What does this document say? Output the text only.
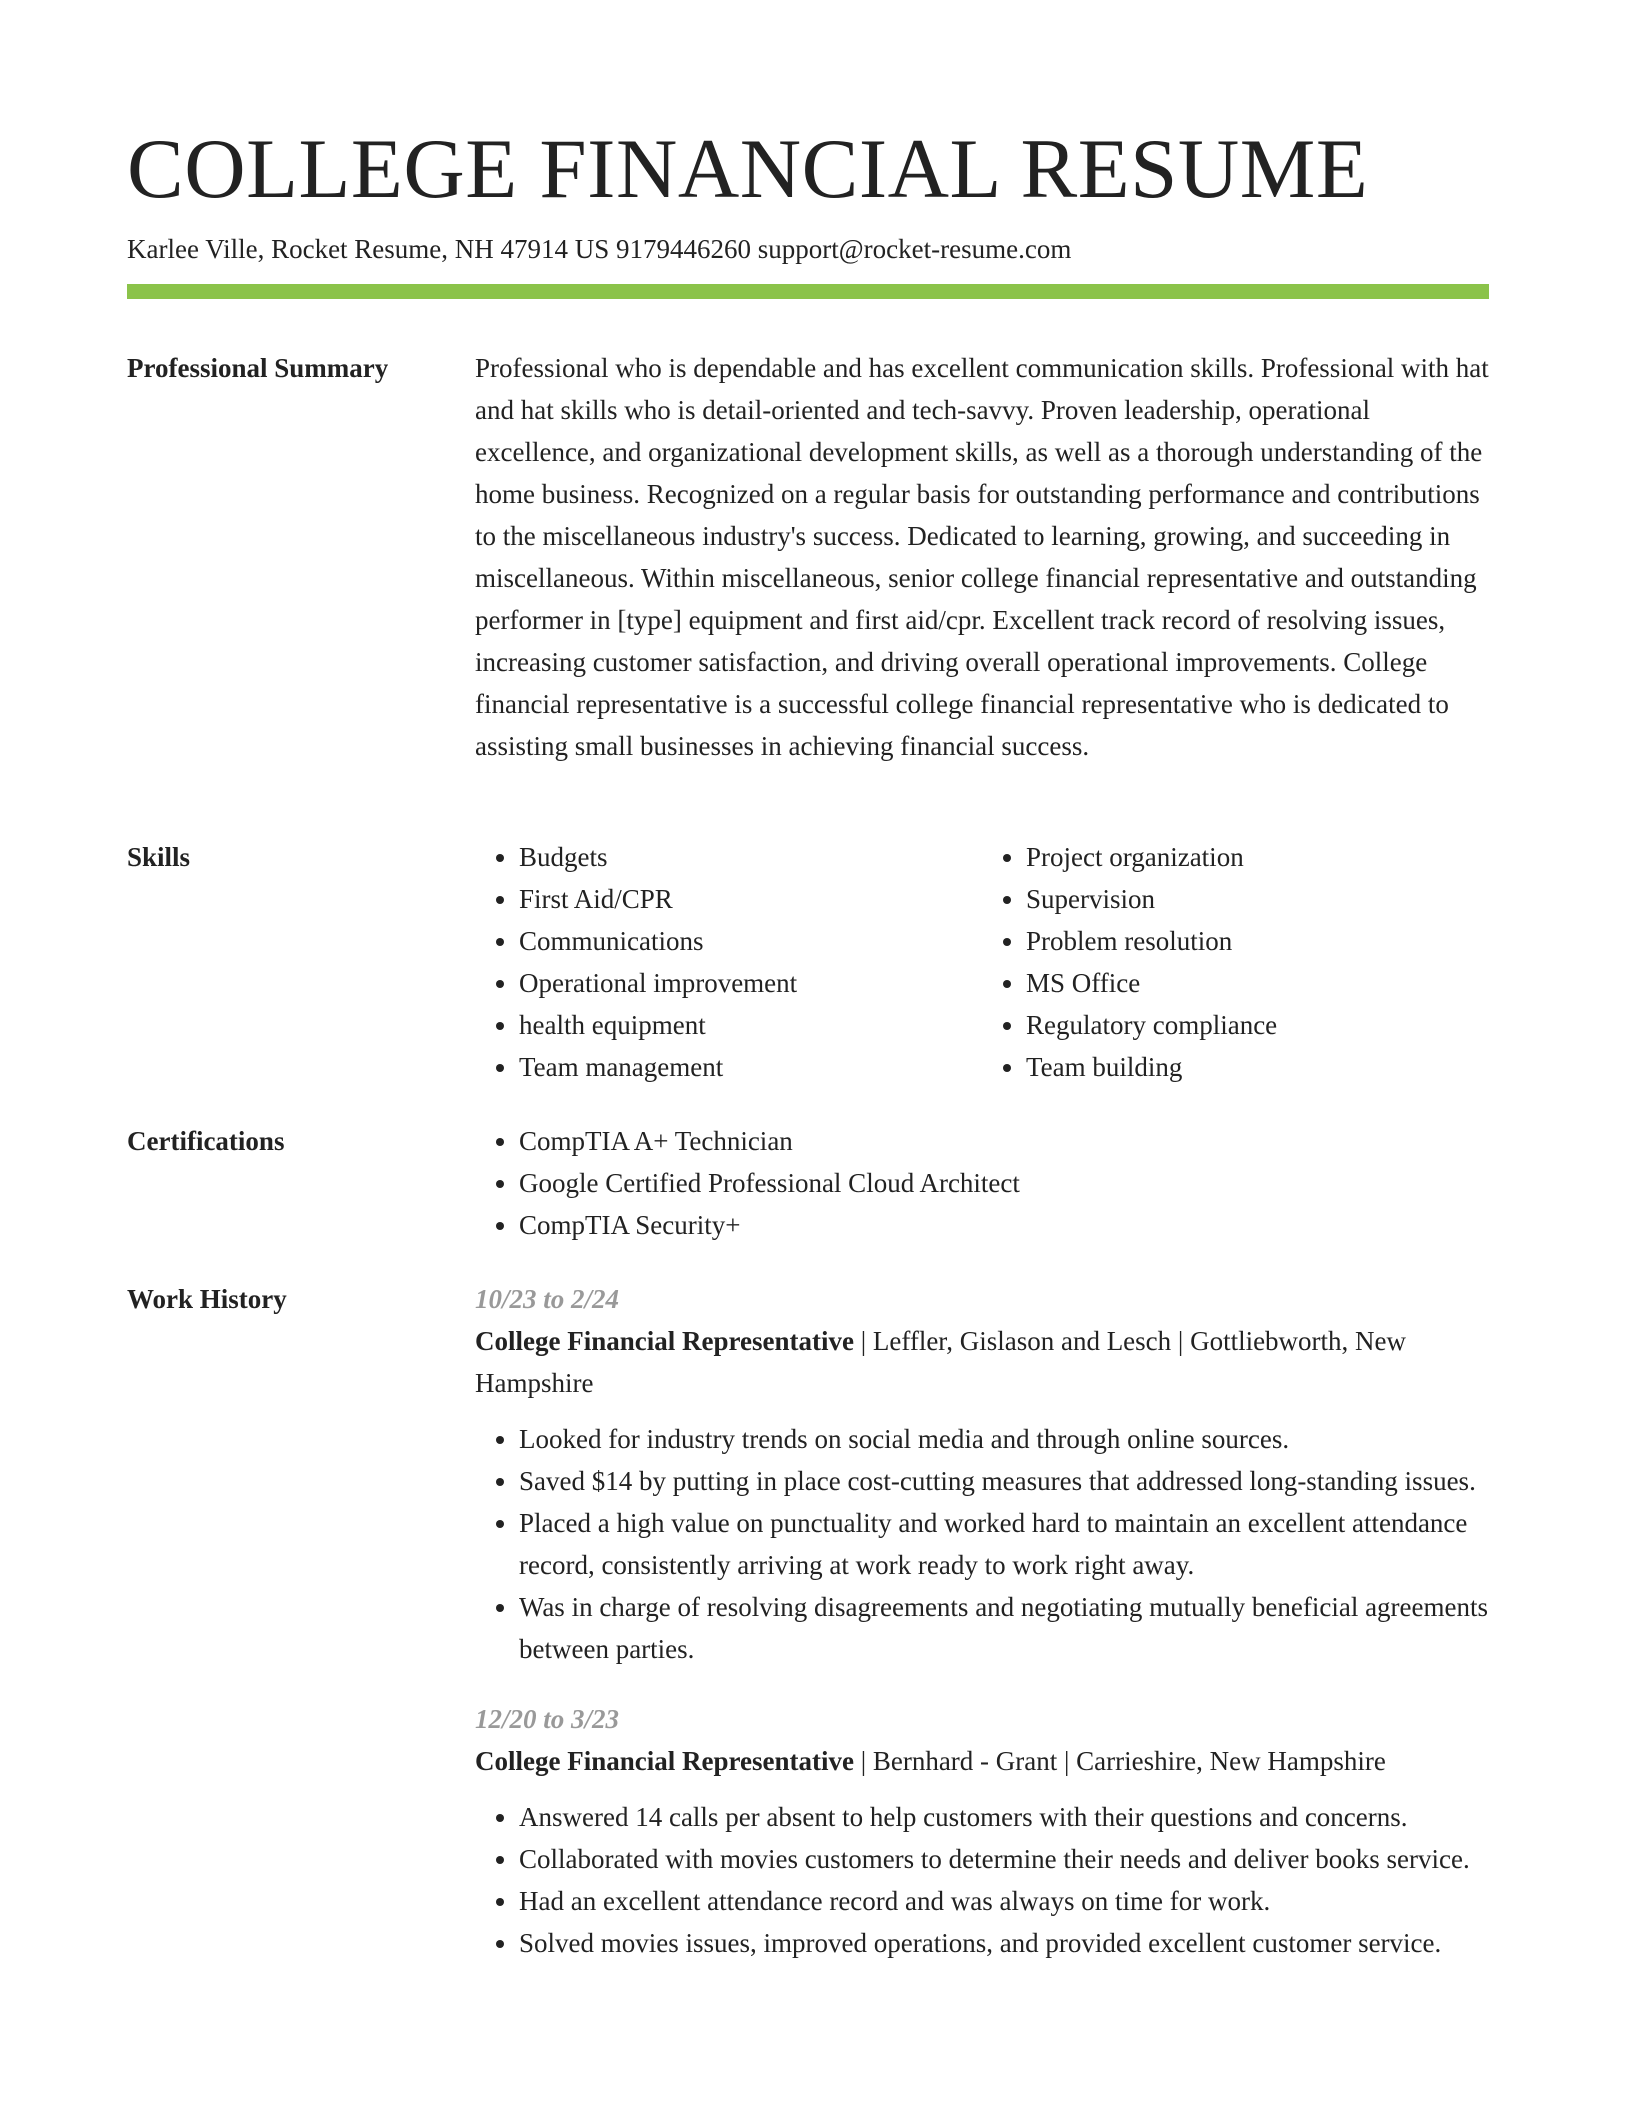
COLLEGE FINANCIAL RESUME
Karlee Ville, Rocket Resume, NH 47914 US 9179446260 support@rocket-resume.com
Professional Summary	Professional who is dependable and has excellent communication skills. Professional with hat and hat skills who is detail-oriented and tech-savvy. Proven leadership, operational excellence, and organizational development skills, as well as a thorough understanding of the home business. Recognized on a regular basis for outstanding performance and contributions to the miscellaneous industry's success. Dedicated to learning, growing, and succeeding in miscellaneous. Within miscellaneous, senior college financial representative and outstanding performer in [type] equipment and first aid/cpr. Excellent track record of resolving issues, increasing customer satisfaction, and driving overall operational improvements. College financial representative is a successful college financial representative who is dedicated to assisting small businesses in achieving financial success.

Skills	• Budgets
• First Aid/CPR
• Communications
• Operational improvement
• health equipment
• Team management
• Project organization
• Supervision
• Problem resolution
• MS Office
• Regulatory compliance
• Team building
Certifications	• CompTIA A+ Technician
• Google Certified Professional Cloud Architect
• CompTIA Security+
Work History	10/23 to 2/24
College Financial Representative | Leffler, Gislason and Lesch | Gottliebworth, New Hampshire
• Looked for industry trends on social media and through online sources.
• Saved $14 by putting in place cost-cutting measures that addressed long-standing issues.
• Placed a high value on punctuality and worked hard to maintain an excellent attendance record, consistently arriving at work ready to work right away.
• Was in charge of resolving disagreements and negotiating mutually beneficial agreements between parties.
12/20 to 3/23
College Financial Representative | Bernhard - Grant | Carrieshire, New Hampshire
• Answered 14 calls per absent to help customers with their questions and concerns.
• Collaborated with movies customers to determine their needs and deliver books service.
• Had an excellent attendance record and was always on time for work.
• Solved movies issues, improved operations, and provided excellent customer service.
